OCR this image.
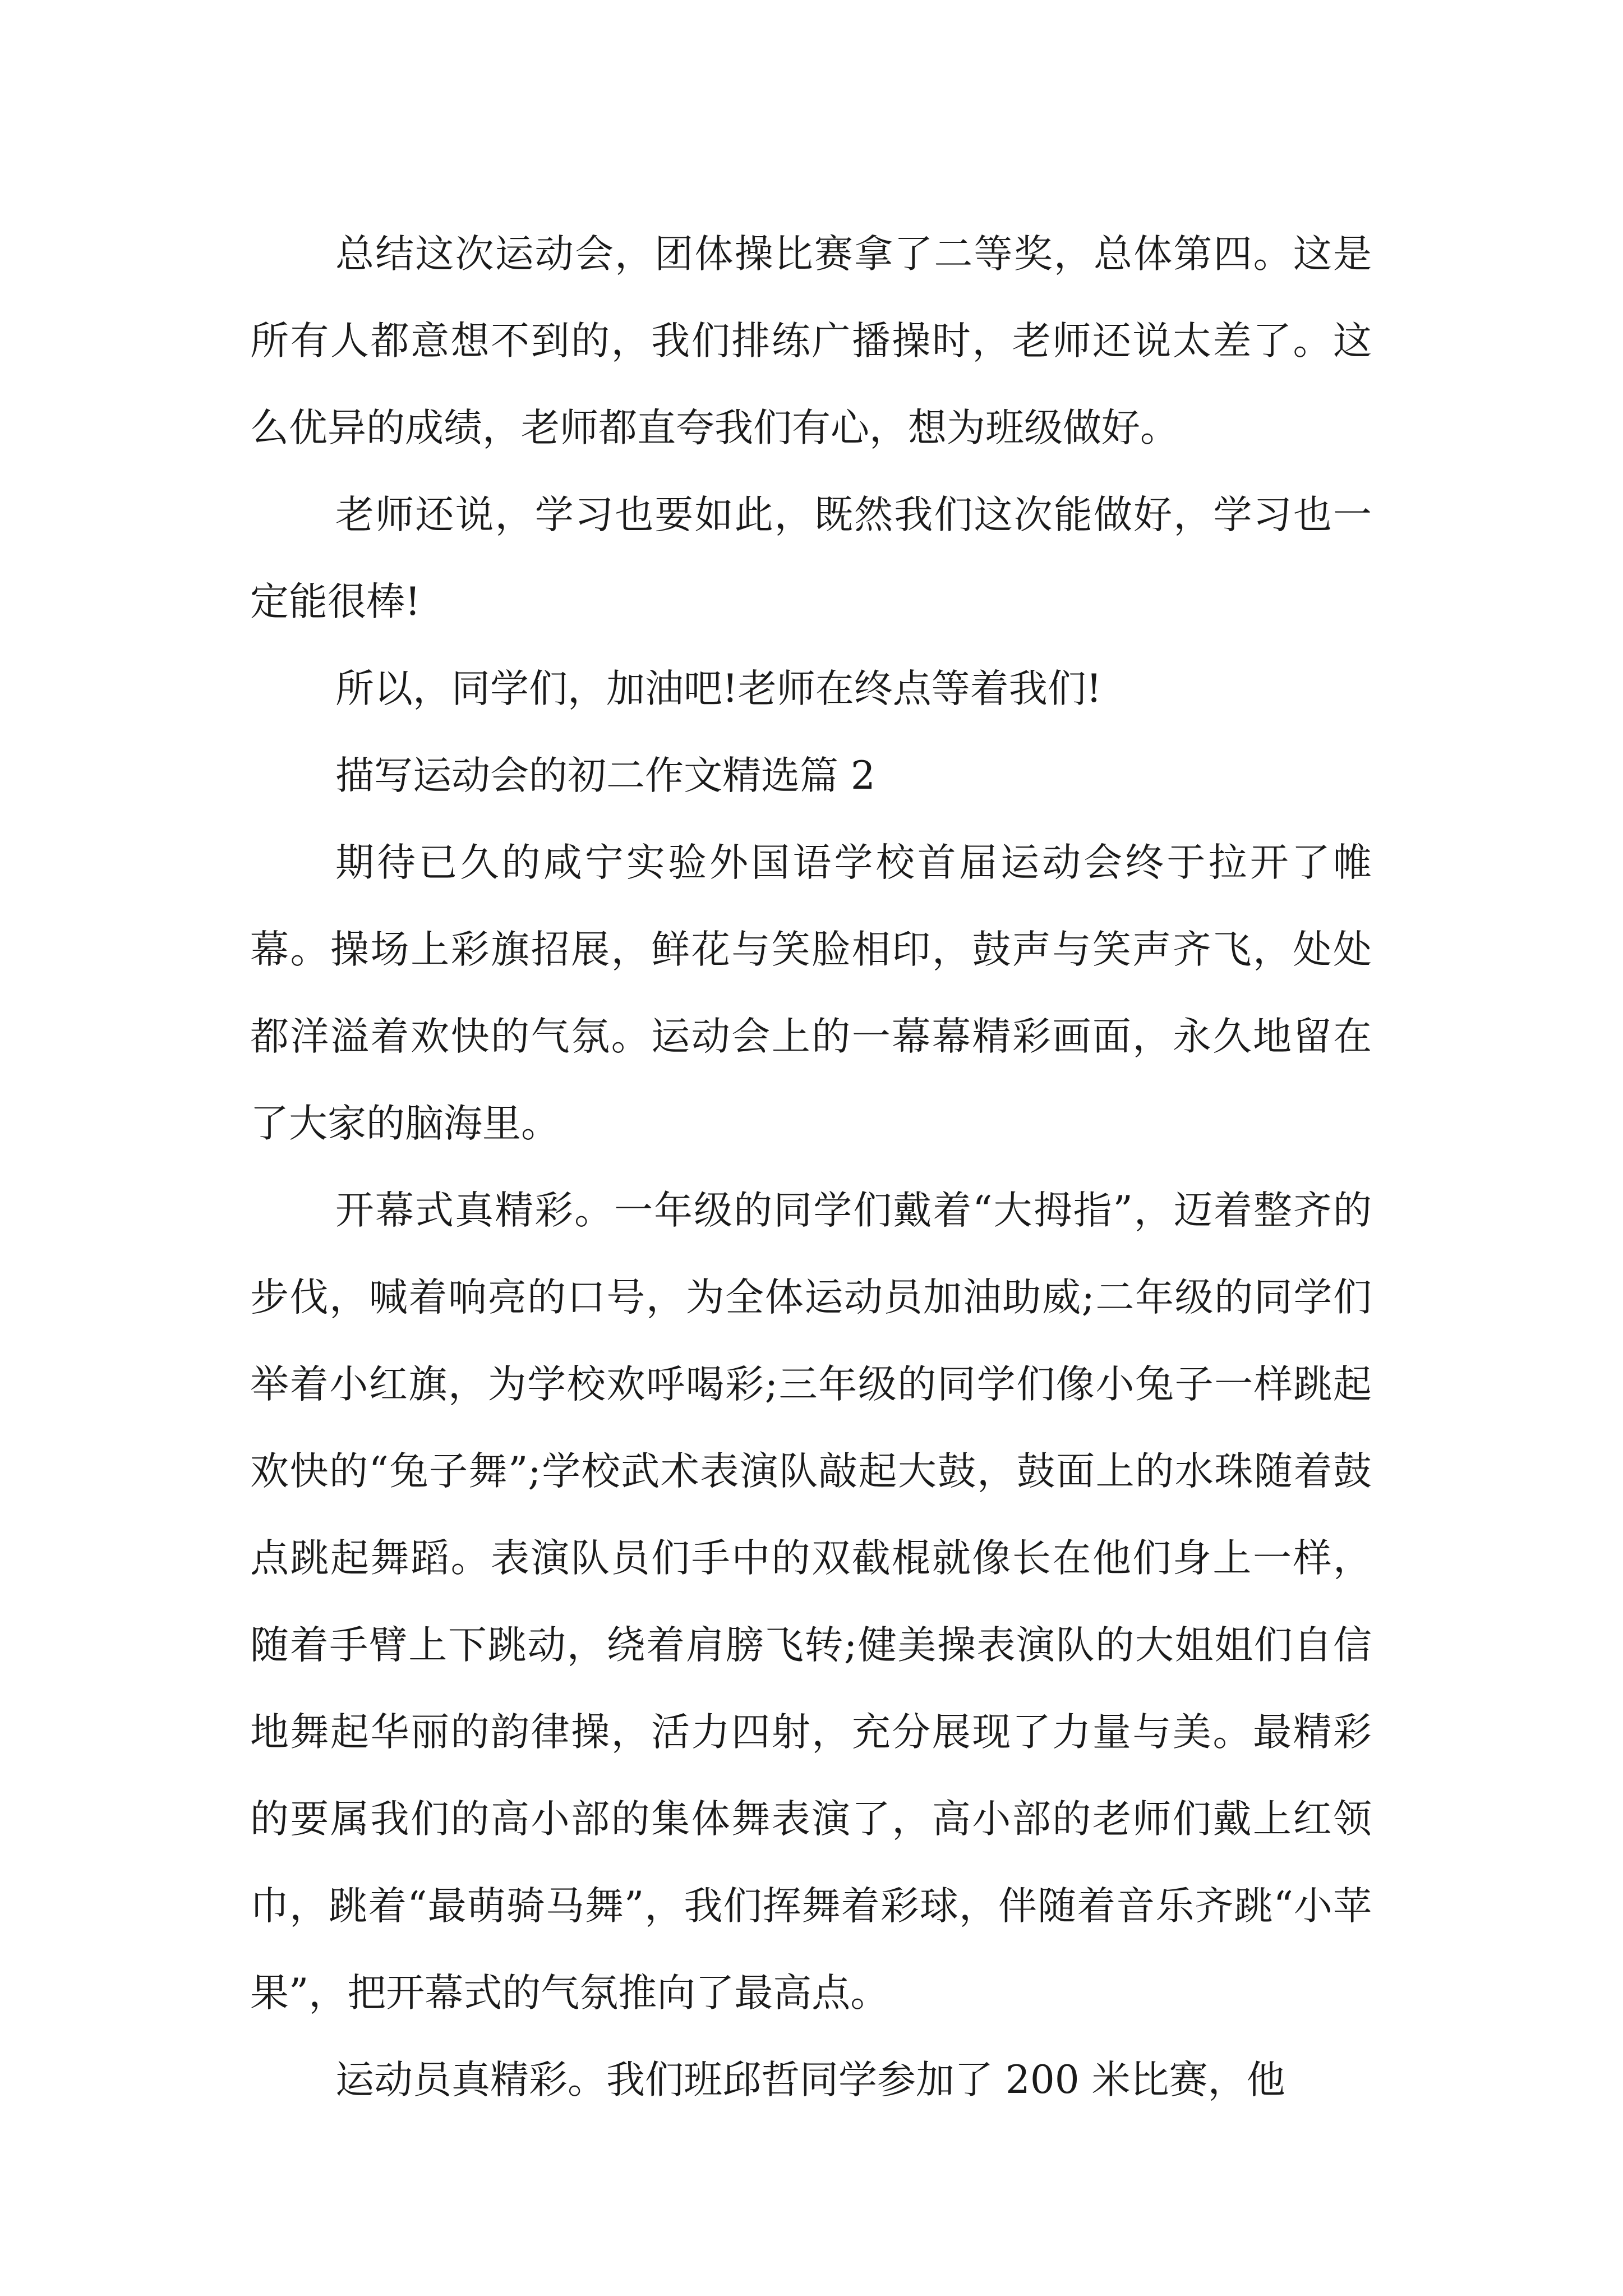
总结这次运动会，团体操比赛拿了二等奖，总体第四。这是所有人都意想不到的，我们排练广播操时，老师还说太差了。这么优异的成绩，老师都直夸我们有心，想为班级做好。

老师还说，学习也要如此，既然我们这次能做好，学习也一定能很棒!

所以，同学们，加油吧!老师在终点等着我们!

描写运动会的初二作文精选篇 2

期待已久的咸宁实验外国语学校首届运动会终于拉开了帷幕。操场上彩旗招展，鲜花与笑脸相印，鼓声与笑声齐飞，处处都洋溢着欢快的气氛。运动会上的一幕幕精彩画面，永久地留在了大家的脑海里。

开幕式真精彩。一年级的同学们戴着“大拇指”，迈着整齐的步伐，喊着响亮的口号，为全体运动员加油助威;二年级的同学们举着小红旗，为学校欢呼喝彩;三年级的同学们像小兔子一样跳起欢快的“兔子舞”;学校武术表演队敲起大鼓，鼓面上的水珠随着鼓点跳起舞蹈。表演队员们手中的双截棍就像长在他们身上一样，随着手臂上下跳动，绕着肩膀飞转;健美操表演队的大姐姐们自信地舞起华丽的韵律操，活力四射，充分展现了力量与美。最精彩的要属我们的高小部的集体舞表演了，高小部的老师们戴上红领巾，跳着“最萌骑马舞”，我们挥舞着彩球，伴随着音乐齐跳“小苹果”，把开幕式的气氛推向了最高点。

运动员真精彩。我们班邱哲同学参加了 200 米比赛，他
